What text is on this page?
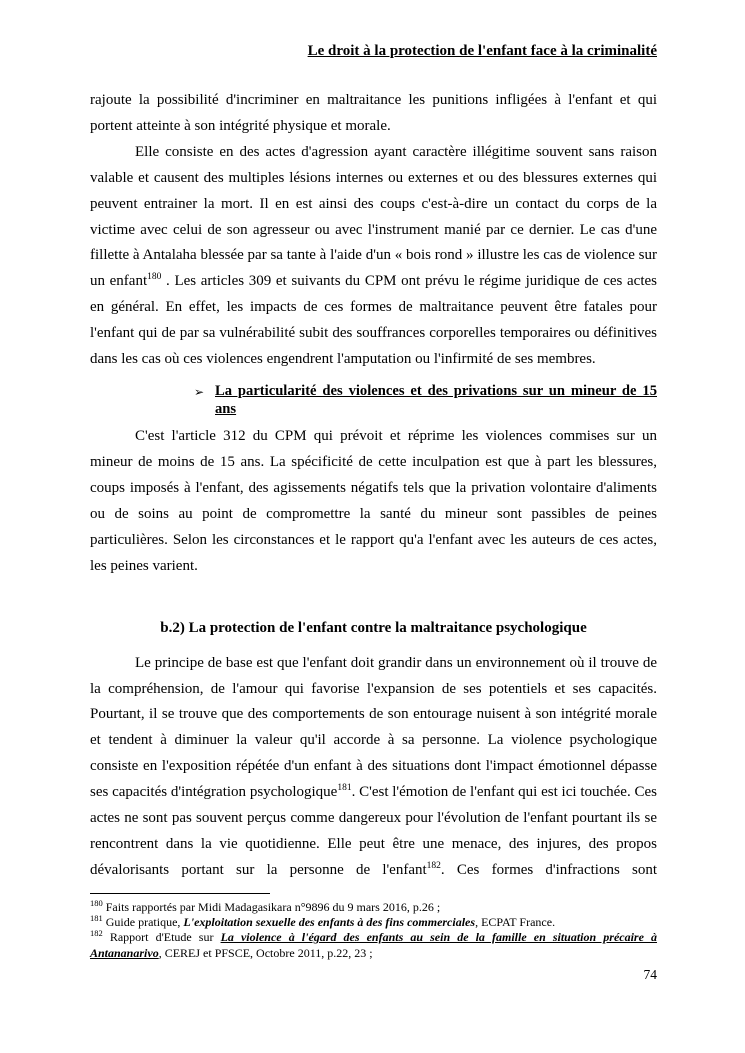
Le droit à la protection de l'enfant face à la criminalité

rajoute la possibilité d'incriminer en maltraitance les punitions infligées à l'enfant et qui portent atteinte à son intégrité physique et morale.

Elle consiste en des actes d'agression ayant caractère illégitime souvent sans raison valable et causent des multiples lésions internes ou externes et ou des blessures externes qui peuvent entrainer la mort. Il en est ainsi des coups c'est-à-dire un contact du corps de la victime avec celui de son agresseur ou avec l'instrument manié par ce dernier. Le cas d'une fillette à Antalaha blessée par sa tante à l'aide d'un « bois rond » illustre les cas de violence sur un enfant$^{180}$ . Les articles 309 et suivants du CPM ont prévu le régime juridique de ces actes en général. En effet, les impacts de ces formes de maltraitance peuvent être fatales pour l'enfant qui de par sa vulnérabilité subit des souffrances corporelles temporaires ou définitives dans les cas où ces violences engendrent l'amputation ou l'infirmité de ses membres.

➢ La particularité des violences et des privations sur un mineur de 15 ans

C'est l'article 312 du CPM qui prévoit et réprime les violences commises sur un mineur de moins de 15 ans. La spécificité de cette inculpation est que à part les blessures, coups imposés à l'enfant, des agissements négatifs tels que la privation volontaire d'aliments ou de soins au point de compromettre la santé du mineur sont passibles de peines particulières. Selon les circonstances et le rapport qu'a l'enfant avec les auteurs de ces actes, les peines varient.

b.2) La protection de l'enfant contre la maltraitance psychologique

Le principe de base est que l'enfant doit grandir dans un environnement où il trouve de la compréhension, de l'amour qui favorise l'expansion de ses potentiels et ses capacités. Pourtant, il se trouve que des comportements de son entourage nuisent à son intégrité morale et tendent à diminuer la valeur qu'il accorde à sa personne. La violence psychologique consiste en l'exposition répétée d'un enfant à des situations dont l'impact émotionnel dépasse ses capacités d'intégration psychologique$^{181}$. C'est l'émotion de l'enfant qui est ici touchée. Ces actes ne sont pas souvent perçus comme dangereux pour l'évolution de l'enfant pourtant ils se rencontrent dans la vie quotidienne. Elle peut être une menace, des injures, des propos dévalorisants portant sur la personne de l'enfant$^{182}$. Ces formes d'infractions sont

$^{180}$ Faits rapportés par Midi Madagasikara n°9896 du 9 mars 2016, p.26 ;

$^{181}$ Guide pratique, L'exploitation sexuelle des enfants à des fins commerciales, ECPAT France.

$^{182}$ Rapport d'Etude sur La violence à l'égard des enfants au sein de la famille en situation précaire à Antananarivo, CEREJ et PFSCE, Octobre 2011, p.22, 23 ;

74
